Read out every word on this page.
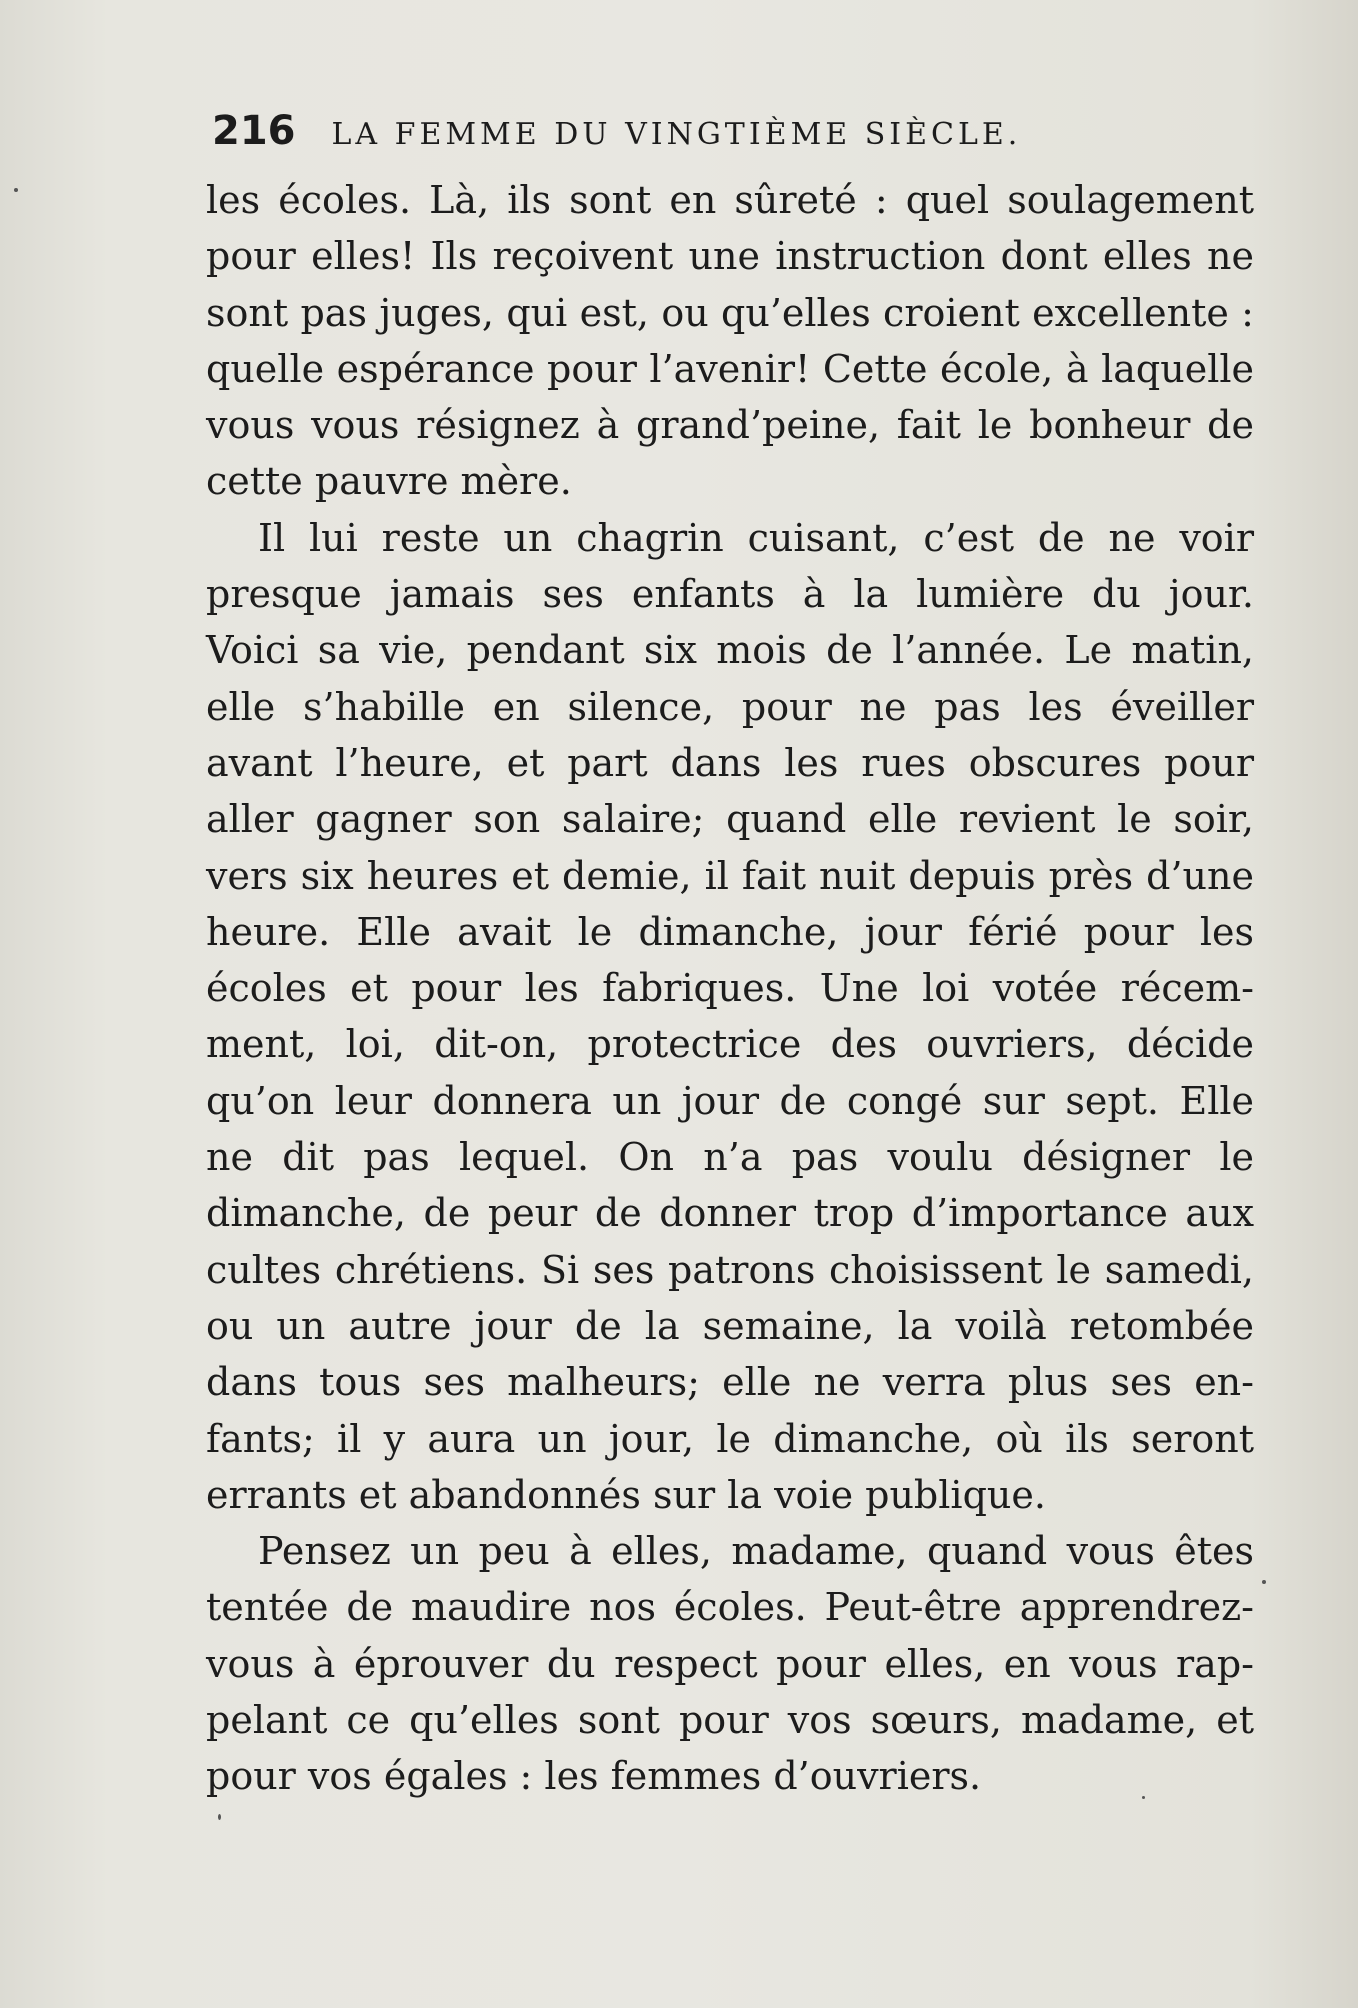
216 LA FEMME DU VINGTIÈME SIÈCLE.
les écoles. Là, ils sont en sûreté : quel soulagement
pour elles! Ils reçoivent une instruction dont elles ne
sont pas juges, qui est, ou qu’elles croient excellente :
quelle espérance pour l’avenir! Cette école, à laquelle
vous vous résignez à grand’peine, fait le bonheur de
cette pauvre mère.
Il lui reste un chagrin cuisant, c’est de ne voir
presque jamais ses enfants à la lumière du jour.
Voici sa vie, pendant six mois de l’année. Le matin,
elle s’habille en silence, pour ne pas les éveiller
avant l’heure, et part dans les rues obscures pour
aller gagner son salaire; quand elle revient le soir,
vers six heures et demie, il fait nuit depuis près d’une
heure. Elle avait le dimanche, jour férié pour les
écoles et pour les fabriques. Une loi votée récem-
ment, loi, dit-on, protectrice des ouvriers, décide
qu’on leur donnera un jour de congé sur sept. Elle
ne dit pas lequel. On n’a pas voulu désigner le
dimanche, de peur de donner trop d’importance aux
cultes chrétiens. Si ses patrons choisissent le samedi,
ou un autre jour de la semaine, la voilà retombée
dans tous ses malheurs; elle ne verra plus ses en-
fants; il y aura un jour, le dimanche, où ils seront
errants et abandonnés sur la voie publique.
Pensez un peu à elles, madame, quand vous êtes
tentée de maudire nos écoles. Peut-être apprendrez-
vous à éprouver du respect pour elles, en vous rap-
pelant ce qu’elles sont pour vos sœurs, madame, et
pour vos égales : les femmes d’ouvriers.
